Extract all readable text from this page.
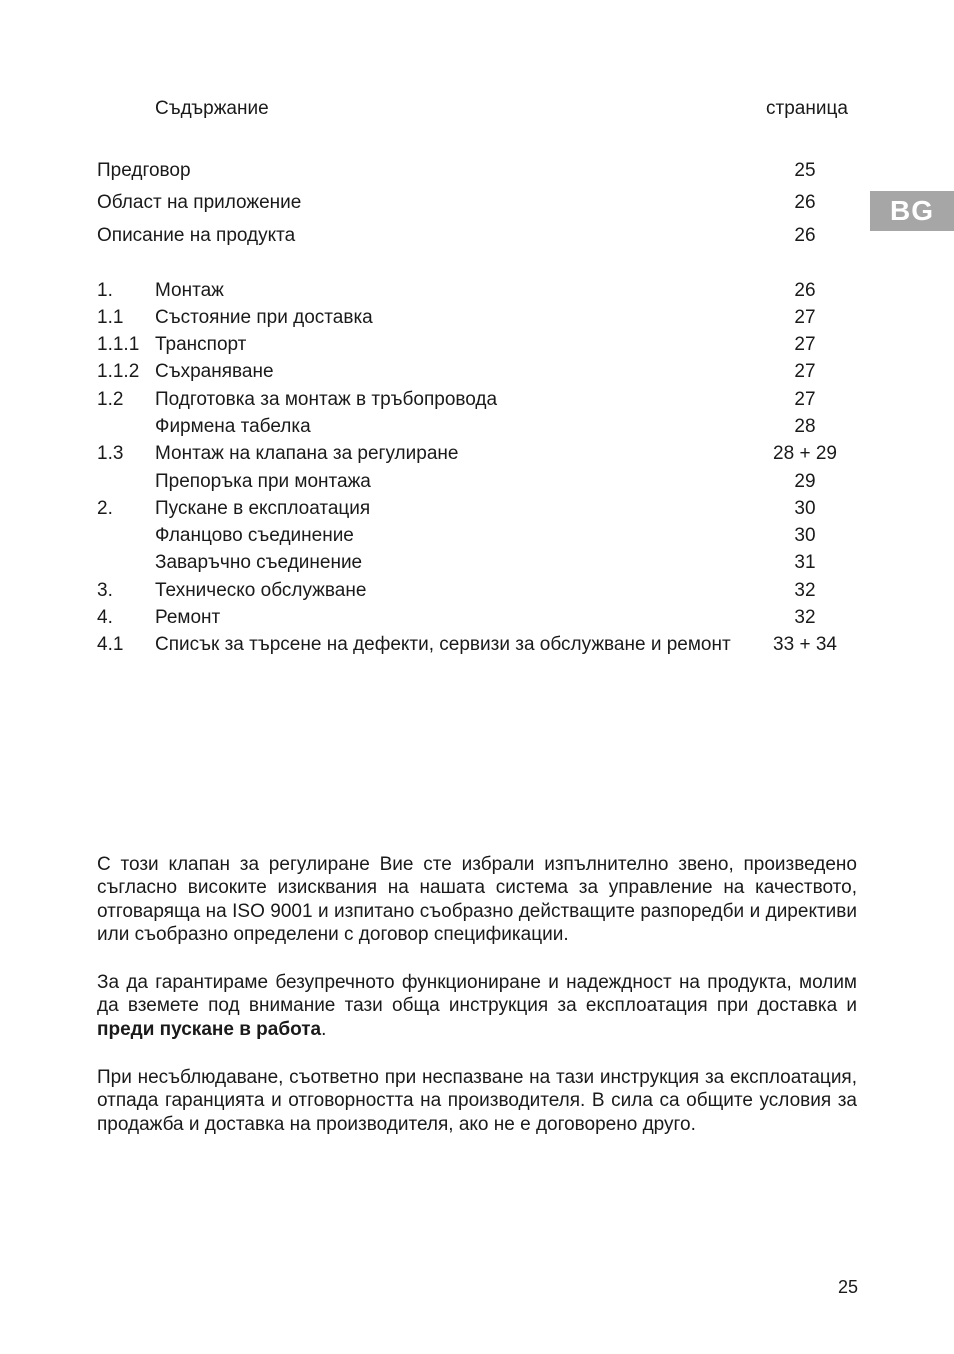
Съдържание	страница
BG
Предговор	25
Област на приложение	26
Описание на продукта	26
1. Монтаж	26
1.1 Състояние при доставка	27
1.1.1 Транспорт	27
1.1.2 Съхраняване	27
1.2 Подготовка за монтаж в тръбопровода	27
Фирмена табелка	28
1.3 Монтаж на клапана за регулиране	28 + 29
Препоръка при монтажа	29
2. Пускане в експлоатация	30
Фланцово съединение	30
Заваръчно съединение	31
3. Техническо обслужване	32
4. Ремонт	32
4.1 Списък за търсене на дефекти, сервизи за обслужване и ремонт	33 + 34

С този клапан за регулиране Вие сте избрали изпълнително звено, произведено съгласно високите изисквания на нашата система за управление на качеството, отговаряща на ISO 9001 и изпитано съобразно действащите разпоредби и директиви или съобразно определени с договор спецификации.

За да гарантираме безупречното функциониране и надеждност на продукта, молим да вземете под внимание тази обща инструкция за експлоатация при доставка и преди пускане в работа.

При несъблюдаване, съответно при неспазване на тази инструкция за експлоатация, отпада гаранцията и отговорността на производителя. В сила са общите условия за продажба и доставка на производителя, ако не е договорено друго.

25
